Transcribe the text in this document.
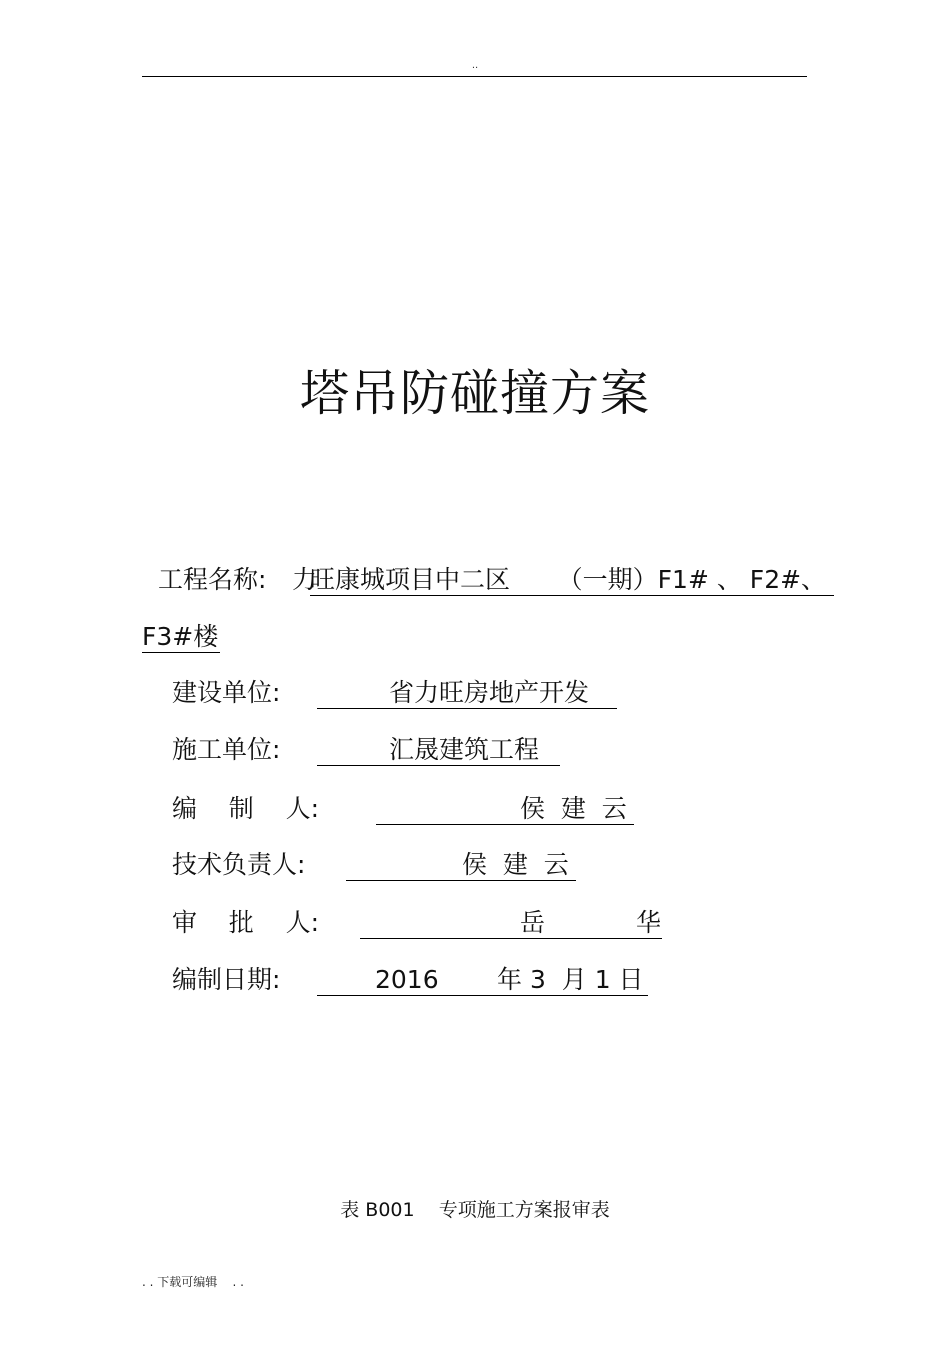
..
塔吊防碰撞方案

工程名称:

力

旺康城项目中二区      （一期）F1# 、 F2#、

F3#楼

建设单位:

	省力旺房地产开发

施工单位:

	汇晟建筑工程

编    制    人:

	侯  建  云

技术负责人:

	侯  建  云

审    批    人:

	岳

	华

编制日期:

	2016

年 3  月 1 日

表 B001    专项施工方案报审表
. . 下载可编辑    . .
